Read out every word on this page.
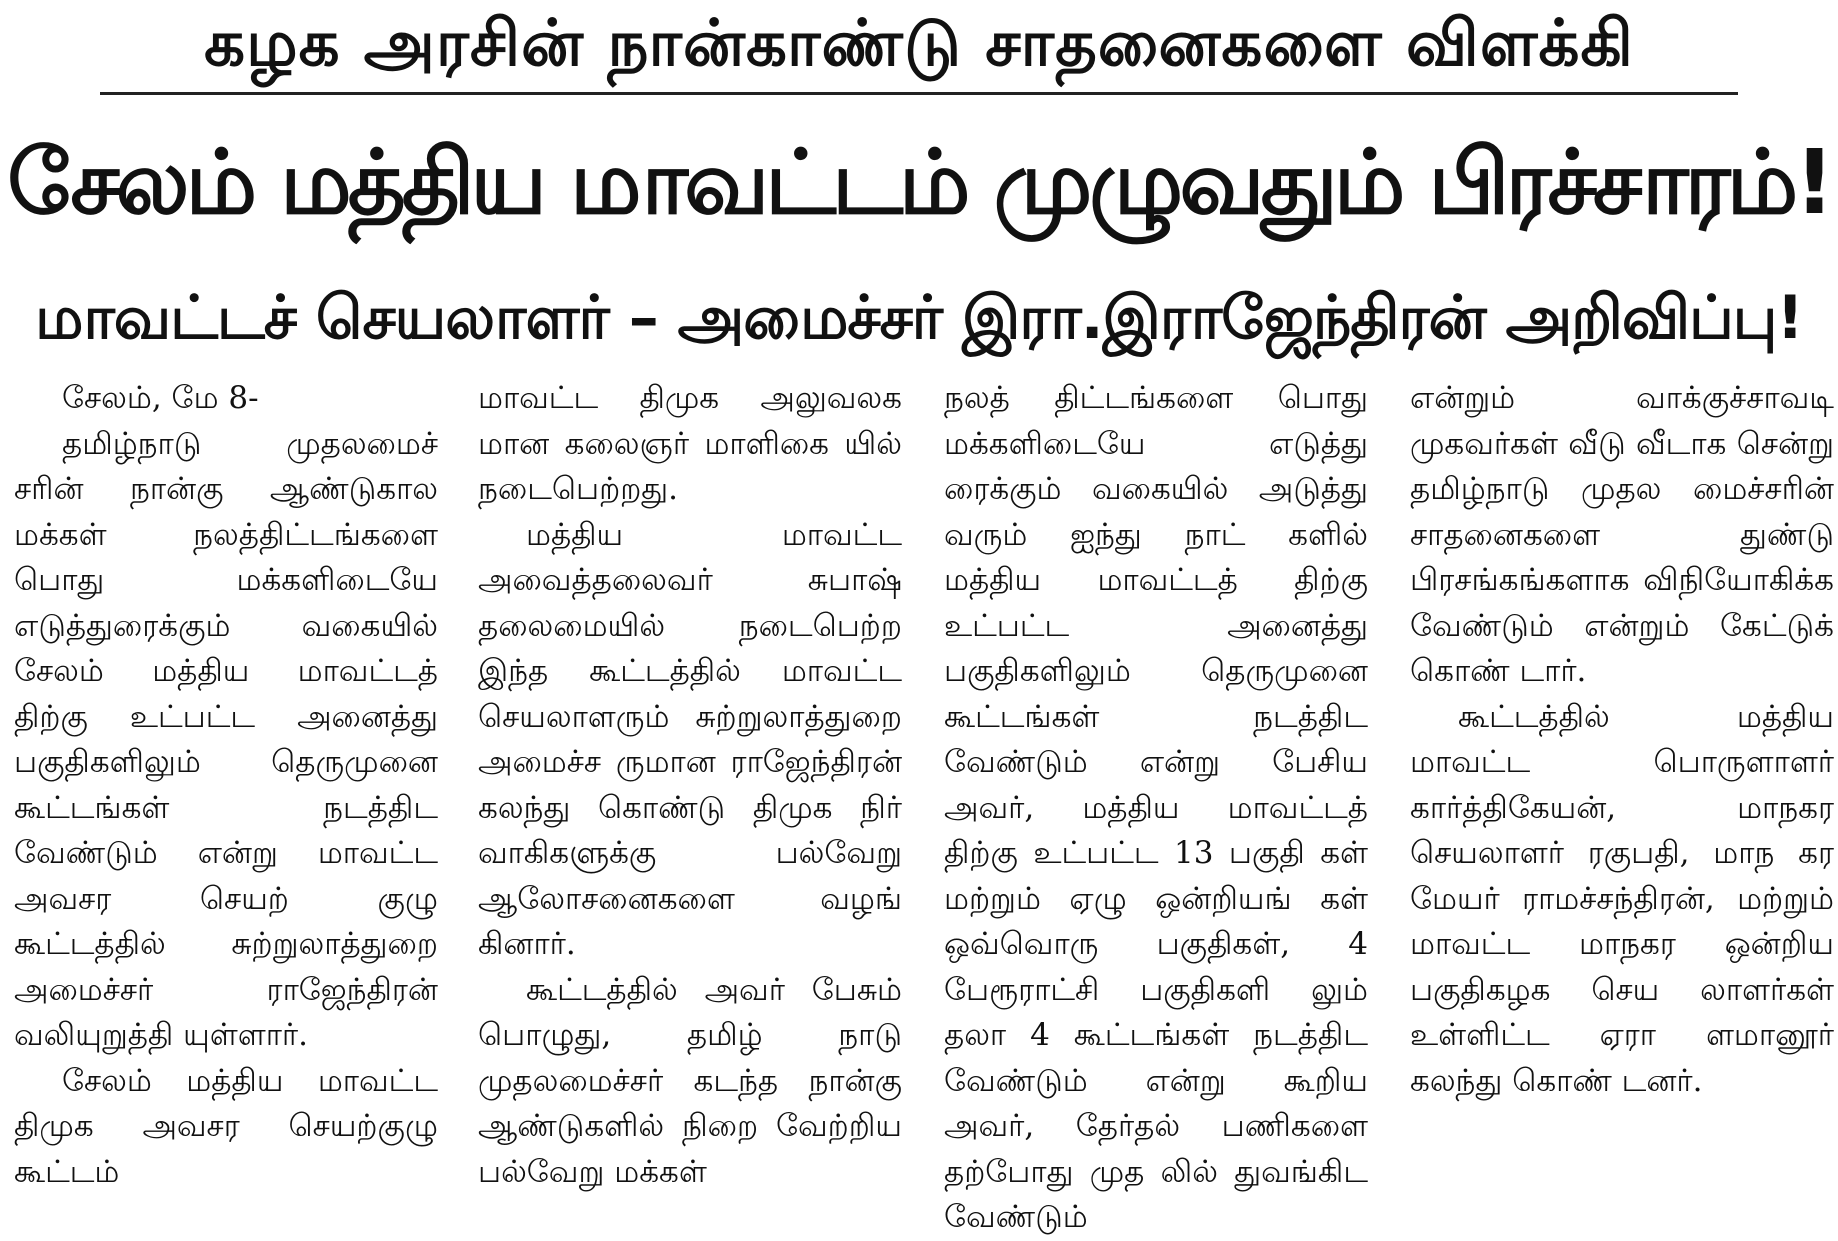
கழக அரசின் நான்காண்டு சாதனைகளை விளக்கி
சேலம் மத்திய மாவட்டம் முழுவதும் பிரச்சாரம்!
மாவட்டச் செயலாளர் – அமைச்சர் இரா.இராஜேந்திரன் அறிவிப்பு!

சேலம், மே 8-

தமிழ்நாடு முதலமைச் சரின் நான்கு ஆண்டுகால மக்கள் நலத்திட்டங்களை பொது மக்களிடையே எடுத்துரைக்கும் வகையில் சேலம் மத்திய மாவட்டத் திற்கு உட்பட்ட அனைத்து பகுதிகளிலும் தெருமுனை கூட்டங்கள் நடத்திட வேண்டும் என்று மாவட்ட அவசர செயற் குழு கூட்டத்தில் சுற்றுலாத்துறை அமைச்சர் ராஜேந்திரன் வலியுறுத்தி யுள்ளார்.

சேலம் மத்திய மாவட்ட திமுக அவசர செயற்குழு கூட்டம்

மாவட்ட திமுக அலுவலக மான கலைஞர் மாளிகை யில் நடைபெற்றது.

மத்திய மாவட்ட அவைத்தலைவர் சுபாஷ் தலைமையில் நடைபெற்ற இந்த கூட்டத்தில் மாவட்ட செயலாளரும் சுற்றுலாத்துறை அமைச்ச ருமான ராஜேந்திரன் கலந்து கொண்டு திமுக நிர் வாகிகளுக்கு பல்வேறு ஆலோசனைகளை வழங் கினார்.

கூட்டத்தில் அவர் பேசும் பொழுது, தமிழ் நாடு முதலமைச்சர் கடந்த நான்கு ஆண்டுகளில் நிறை வேற்றிய பல்வேறு மக்கள்

நலத் திட்டங்களை பொது மக்களிடையே எடுத்து ரைக்கும் வகையில் அடுத்து வரும் ஐந்து நாட் களில் மத்திய மாவட்டத் திற்கு உட்பட்ட அனைத்து பகுதிகளிலும் தெருமுனை கூட்டங்கள் நடத்திட வேண்டும் என்று பேசிய அவர், மத்திய மாவட்டத் திற்கு உட்பட்ட 13 பகுதி கள் மற்றும் ஏழு ஒன்றியங் கள் ஒவ்வொரு பகுதிகள், 4 பேரூராட்சி பகுதிகளி லும் தலா 4 கூட்டங்கள் நடத்திட வேண்டும் என்று கூறிய அவர், தேர்தல் பணிகளை தற்போது முத லில் துவங்கிட வேண்டும்

என்றும் வாக்குச்சாவடி முகவர்கள் வீடு வீடாக சென்று தமிழ்நாடு முதல மைச்சரின் சாதனைகளை துண்டு பிரசங்கங்களாக விநியோகிக்க வேண்டும் என்றும் கேட்டுக் கொண் டார்.

கூட்டத்தில் மத்திய மாவட்ட பொருளாளர் கார்த்திகேயன், மாநகர செயலாளர் ரகுபதி, மாந கர மேயர் ராமச்சந்திரன், மற்றும் மாவட்ட மாநகர ஒன்றிய பகுதிகழக செய லாளர்கள் உள்ளிட்ட ஏரா ளமானூர் கலந்து கொண் டனர்.
